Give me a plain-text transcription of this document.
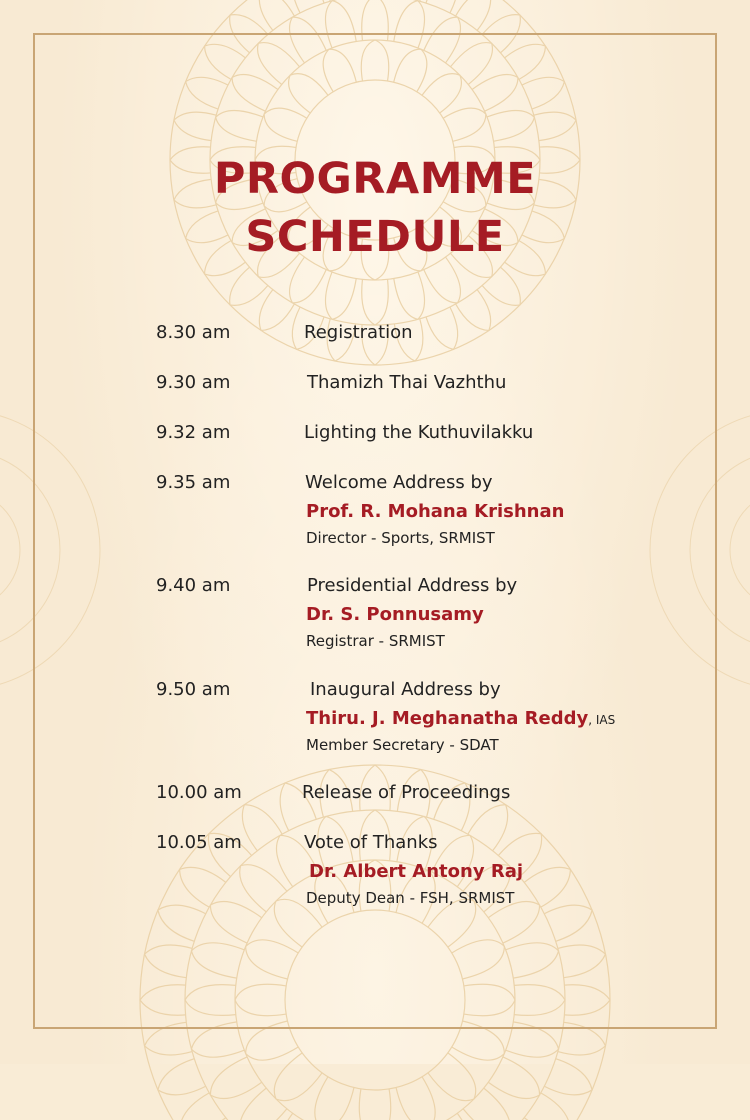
PROGRAMME
SCHEDULE
8.30 am	Registration
9.30 am	Thamizh Thai Vazhthu
9.32 am	Lighting the Kuthuvilakku
9.35 am	Welcome Address by
Prof. R. Mohana Krishnan
Director - Sports, SRMIST
9.40 am	Presidential Address by
Dr. S. Ponnusamy
Registrar - SRMIST
9.50 am	Inaugural Address by
Thiru. J. Meghanatha Reddy, IAS
Member Secretary - SDAT
10.00 am	Release of Proceedings
10.05 am	Vote of Thanks
Dr. Albert Antony Raj
Deputy Dean - FSH, SRMIST
